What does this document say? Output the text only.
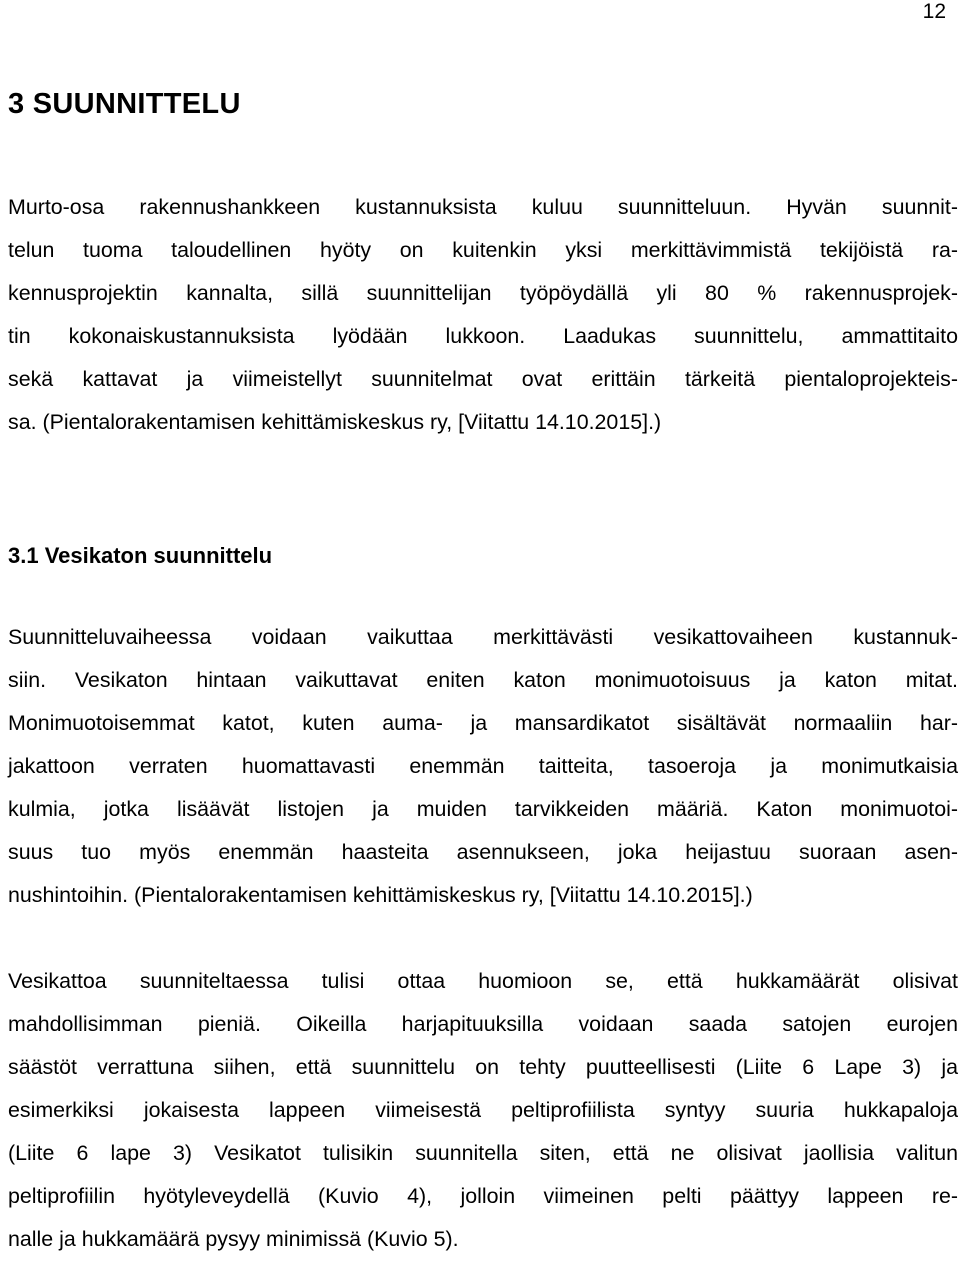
12
3 SUUNNITTELU
Murto-osa rakennushankkeen kustannuksista kuluu suunnitteluun. Hyvän suunnit-
telun tuoma taloudellinen hyöty on kuitenkin yksi merkittävimmistä tekijöistä ra-
kennusprojektin kannalta, sillä suunnittelijan työpöydällä yli 80 % rakennusprojek-
tin kokonaiskustannuksista lyödään lukkoon. Laadukas suunnittelu, ammattitaito
sekä kattavat ja viimeistellyt suunnitelmat ovat erittäin tärkeitä pientaloprojekteis-
sa. (Pientalorakentamisen kehittämiskeskus ry, [Viitattu 14.10.2015].)
3.1 Vesikaton suunnittelu
Suunnitteluvaiheessa voidaan vaikuttaa merkittävästi vesikattovaiheen kustannuk-
siin. Vesikaton hintaan vaikuttavat eniten katon monimuotoisuus ja katon mitat.
Monimuotoisemmat katot, kuten auma- ja mansardikatot sisältävät normaaliin har-
jakattoon verraten huomattavasti enemmän taitteita, tasoeroja ja monimutkaisia
kulmia, jotka lisäävät listojen ja muiden tarvikkeiden määriä. Katon monimuotoi-
suus tuo myös enemmän haasteita asennukseen, joka heijastuu suoraan asen-
nushintoihin. (Pientalorakentamisen kehittämiskeskus ry, [Viitattu 14.10.2015].)
Vesikattoa suunniteltaessa tulisi ottaa huomioon se, että hukkamäärät olisivat
mahdollisimman pieniä. Oikeilla harjapituuksilla voidaan saada satojen eurojen
säästöt verrattuna siihen, että suunnittelu on tehty puutteellisesti (Liite 6 Lape 3) ja
esimerkiksi jokaisesta lappeen viimeisestä peltiprofiilista syntyy suuria hukkapaloja
(Liite 6 lape 3) Vesikatot tulisikin suunnitella siten, että ne olisivat jaollisia valitun
peltiprofiilin hyötyleveydellä (Kuvio 4), jolloin viimeinen pelti päättyy lappeen re-
nalle ja hukkamäärä pysyy minimissä (Kuvio 5).
